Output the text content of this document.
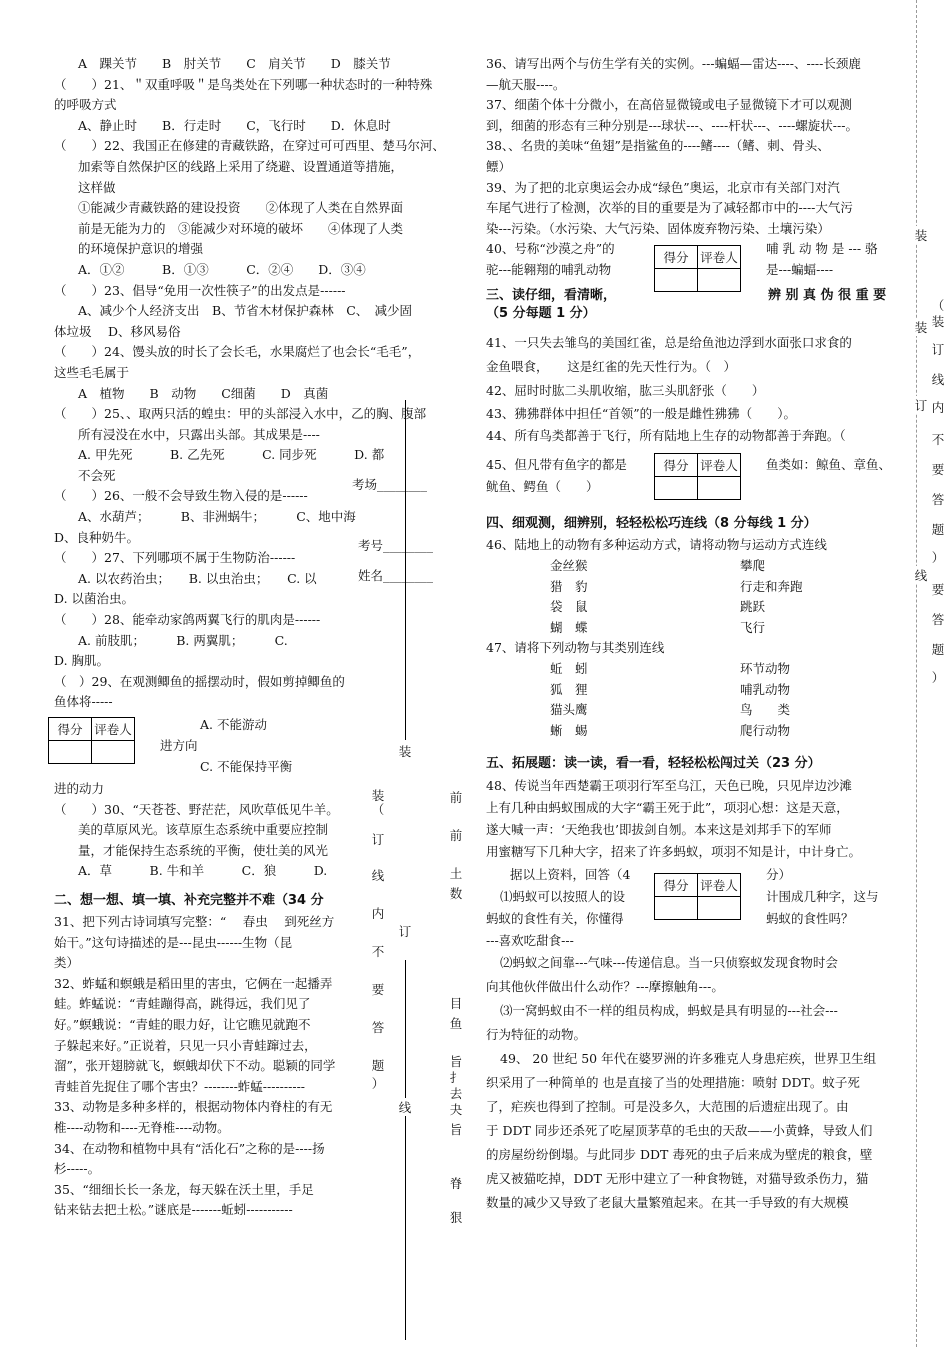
A　踝关节　　B　肘关节　　C　肩关节　　D　膝关节
（　　）21、＂双重呼吸＂是鸟类处在下列哪一种状态时的一种特殊
的呼吸方式
A、静止时　　B．行走时　　C，飞行时　　D．休息时
（　　）22、我国正在修建的青藏铁路，在穿过可可西里、楚马尔河、
加索等自然保护区的线路上采用了绕避、设置通道等措施，
这样做
①能减少青藏铁路的建设投资　　②体现了人类在自然界面
前是无能为力的　③能减少对环境的破坏　　④体现了人类
的环境保护意识的增强
A．①②　　　B．①③　　　C．②④　　D．③④
（　　）23、倡导“免用一次性筷子”的出发点是------
A、减少个人经济支出　B、节省木材保护森林　C、　减少固
体垃圾　 D、移风易俗
（　　）24、馒头放的时长了会长毛，水果腐烂了也会长“毛毛”，
这些毛毛属于
A　植物　　B　动物　　C细菌　　D　真菌
（　　）25、、取两只活的蝗虫：甲的头部浸入水中，乙的胸、腹部
所有浸没在水中，只露出头部。其成果是----
A. 甲先死　　　B. 乙先死　　　C. 同步死　　　D. 都
不会死
（　　）26、一般不会导致生物入侵的是------
A、水葫芦；　　　B、非洲蜗牛；　　　C、地中海
D、良种奶牛。
（　　）27、下列哪项不属于生物防治------
A. 以农药治虫；　　B. 以虫治虫；　　C. 以
D. 以菌治虫。
（　　）28、能牵动家鸽两翼飞行的肌肉是------
A. 前肢肌；　　　B. 两翼肌；　　　C.
D. 胸肌。
（　）29、在观测鲫鱼的摇摆动时，假如剪掉鲫鱼的
鱼体将-----
得分	评卷人
		A. 不能游动
进方向
C. 不能保持平衡
进的动力
（　　）30、“天苍苍、野茫茫，风吹草低见牛羊。
美的草原风光。该草原生态系统中重要应控制
量，才能保持生态系统的平衡，使壮美的风光
A．草　　　B. 牛和羊　　　C．狼　　　D.
二、想一想、填一填、补充完整并不难（34 分
31、把下列古诗词填写完整：“ 　春虫　 到死丝方
始干。”这句诗描述的是---昆虫------生物（昆
类）
32、蚱蜢和螟蛾是稻田里的害虫，它俩在一起播弄
蛙。蚱蜢说：“青蛙蹦得高，跳得远，我们见了
好。”螟蛾说：“青蛙的眼力好，让它瞧见就跑不
子躲起来好。”正说着，只见一只小青蛙蹿过去，
溜”，张开翅膀就飞，螟蛾却伏下不动。聪颖的同学
青蛙首先捉住了哪个害虫？--------蚱蜢----------
33、动物是多种多样的，根据动物体内脊柱的有无
椎----动物和----无脊椎----动物。
34、在动物和植物中具有“活化石”之称的是----扬
杉-----。
35、“细细长长一条龙，每天躲在沃土里，手足
钻来钻去把土松。”谜底是-------蚯蚓-----------
考场________
考号________
姓名________
装
订
线
装
（
订
线
内
不
要
答
题
）
前
前
土
数
目
鱼
旨
扌
去
夬
旨
脊
狠
36、请写出两个与仿生学有关的实例。---蝙蝠—雷达----、----长颈鹿
—航天服----。
37、细菌个体十分微小，在高倍显微镜或电子显微镜下才可以观测
到，细菌的形态有三种分别是---球状---、----杆状---、----螺旋状---。
38、、名贵的美味“鱼翅”是指鲨鱼的----鳍----（鳍、刺、骨头、
鳔）
39、为了把的北京奥运会办成“绿色”奥运，北京市有关部门对汽
车尾气进行了检测，次举的目的重要是为了减轻都市中的----大气污
染---污染。（水污染、大气污染、固体废弃物污染、土壤污染）
40、号称“沙漠之舟”的
驼---能翱翔的哺乳动物
得分	评卷人

哺 乳 动 物 是 --- 骆
是---蝙蝠----
三、读仔细，看清晰，	辨 别 真 伪 很 重 要
（5 分每题 1 分）
41、一只失去雏鸟的美国红雀，总是给鱼池边浮到水面张口求食的
金鱼喂食，　　这是红雀的先天性行为。（　）
42、屈时时肱二头肌收缩，肱三头肌舒张（　　）
43、狒狒群体中担任“首领”的一般是雌性狒狒（　　）。
44、所有鸟类都善于飞行，所有陆地上生存的动物都善于奔跑。（　
45、但凡带有鱼字的都是
鱿鱼、鳄鱼（　　）
得分	评卷人
	鱼类如：鲸鱼、章鱼、
四、细观测，细辨别，轻轻松松巧连线（8 分每线 1 分）
46、陆地上的动物有多种运动方式，请将动物与运动方式连线
金丝猴	攀爬
猎　豹	行走和奔跑
袋　鼠	跳跃
蝴　蝶	飞行
47、请将下列动物与其类别连线
蚯　蚓	环节动物
狐　狸	哺乳动物
猫头鹰	鸟　　类
蜥　蜴	爬行动物
五、拓展题：读一读，看一看，轻轻松松闯过关（23 分）
48、传说当年西楚霸王项羽行军至乌江，天色已晚，只见岸边沙滩
上有几种由蚂蚁围成的大字“霸王死于此”，项羽心想：这是天意，
遂大喊一声：‘天绝我也’即拔剑自刎。本来这是刘邦手下的军师
用蜜糖写下几种大字，招来了许多蚂蚁，项羽不知是计，中计身亡。
据以上资料，回答（4
⑴蚂蚁可以按照人的设
蚂蚁的食性有关，你懂得
---喜欢吃甜食---
得分	评卷人

分）
计围成几种字，这与
蚂蚁的食性吗？
⑵蚂蚁之间靠---气味---传递信息。当一只侦察蚁发现食物时会
向其他伙伴做出什么动作？---摩擦触角---。
⑶一窝蚂蚁由不一样的组员构成，蚂蚁是具有明显的---社会---
行为特征的动物。
49、 20 世纪 50 年代在婆罗洲的许多雅克人身患疟疾，世界卫生组
织采用了一种简单的 也是直接了当的处理措施：喷射 DDT。蚊子死
了，疟疾也得到了控制。可是没多久，大范围的后遗症出现了。由
于 DDT 同步还杀死了吃屋顶茅草的毛虫的天敌——小黄蜂，导致人们
的房屋纷纷倒塌。与此同步 DDT 毒死的虫子后来成为壁虎的粮食，壁
虎又被猫吃掉，DDT 无形中建立了一种食物链，对猫导致杀伤力，猫
数量的减少又导致了老鼠大量繁殖起来。在其一手导致的有大规模
装
装
订
线
（
装
订
线
内
不
要
答
题
）
要
答
题
）
